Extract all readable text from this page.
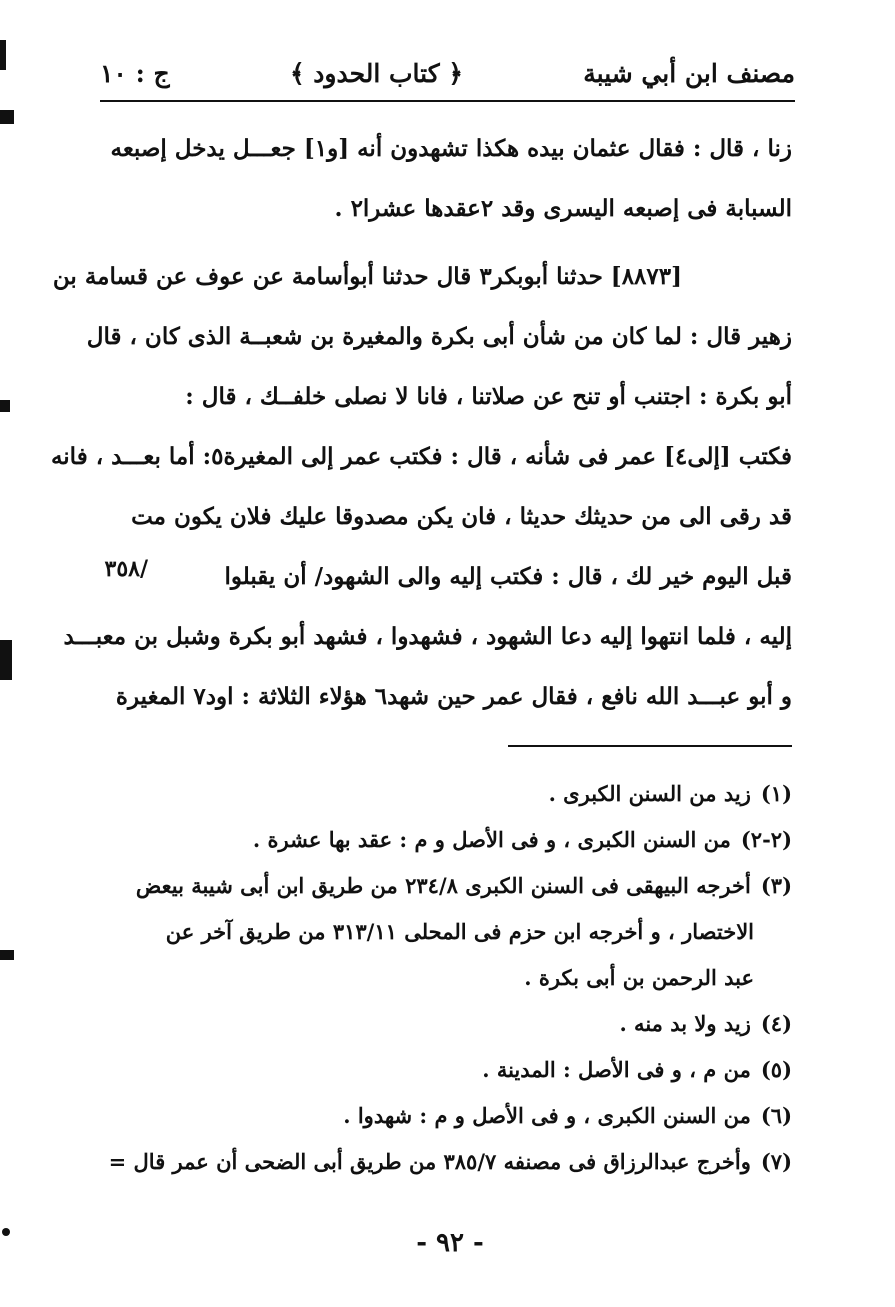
مصنف ابن أبي شيبة
﴿ كتاب الحدود ﴾
ج : ١٠
زنا ، قال : فقال عثمان بيده هكذا تشهدون أنه [و١] جعـــل يدخل إصبعه
السبابة فى إصبعه اليسرى وقد ٢عقدها عشرا٢ .
[٨٨٧٣] حدثنا أبوبكر٣ قال حدثنا أبوأسامة عن عوف عن قسامة بن
زهير قال : لما كان من شأن أبى بكرة والمغيرة بن شعبــة الذى كان ، قال
أبو بكرة : اجتنب أو تنح عن صلاتنا ، فانا لا نصلى خلفــك ، قال :
فكتب [إلى٤] عمر فى شأنه ، قال : فكتب عمر إلى المغيرة٥: أما بعـــد ، فانه
قد رقى الى من حديثك حديثا ، فان يكن مصدوقا عليك فلان يكون مت
قبل اليوم خير لك ، قال : فكتب إليه والى الشهود/ أن يقبلوا
إليه ، فلما انتهوا إليه دعا الشهود ، فشهدوا ، فشهد أبو بكرة وشبل بن معبـــد
و أبو عبـــد الله نافع ، فقال عمر حين شهد٦ هؤلاء الثلاثة : اود٧ المغيرة
/٣٥٨
(١)
زيد من السنن الكبرى .
(٢-٢)
من السنن الكبرى ، و فى الأصل و م : عقد بها عشرة .
(٣)
أخرجه البيهقى فى السنن الكبرى ٢٣٤/٨ من طريق ابن أبى شيبة بيعض
الاختصار ، و أخرجه ابن حزم فى المحلى ٣١٣/١١ من طريق آخر عن
عبد الرحمن بن أبى بكرة .
(٤)
زيد ولا بد منه .
(٥)
من م ، و فى الأصل : المدينة .
(٦)
من السنن الكبرى ، و فى الأصل و م : شهدوا .
(٧)
وأخرج عبدالرزاق فى مصنفه ٣٨٥/٧ من طريق أبى الضحى أن عمر قال =
- ٩٢ -
